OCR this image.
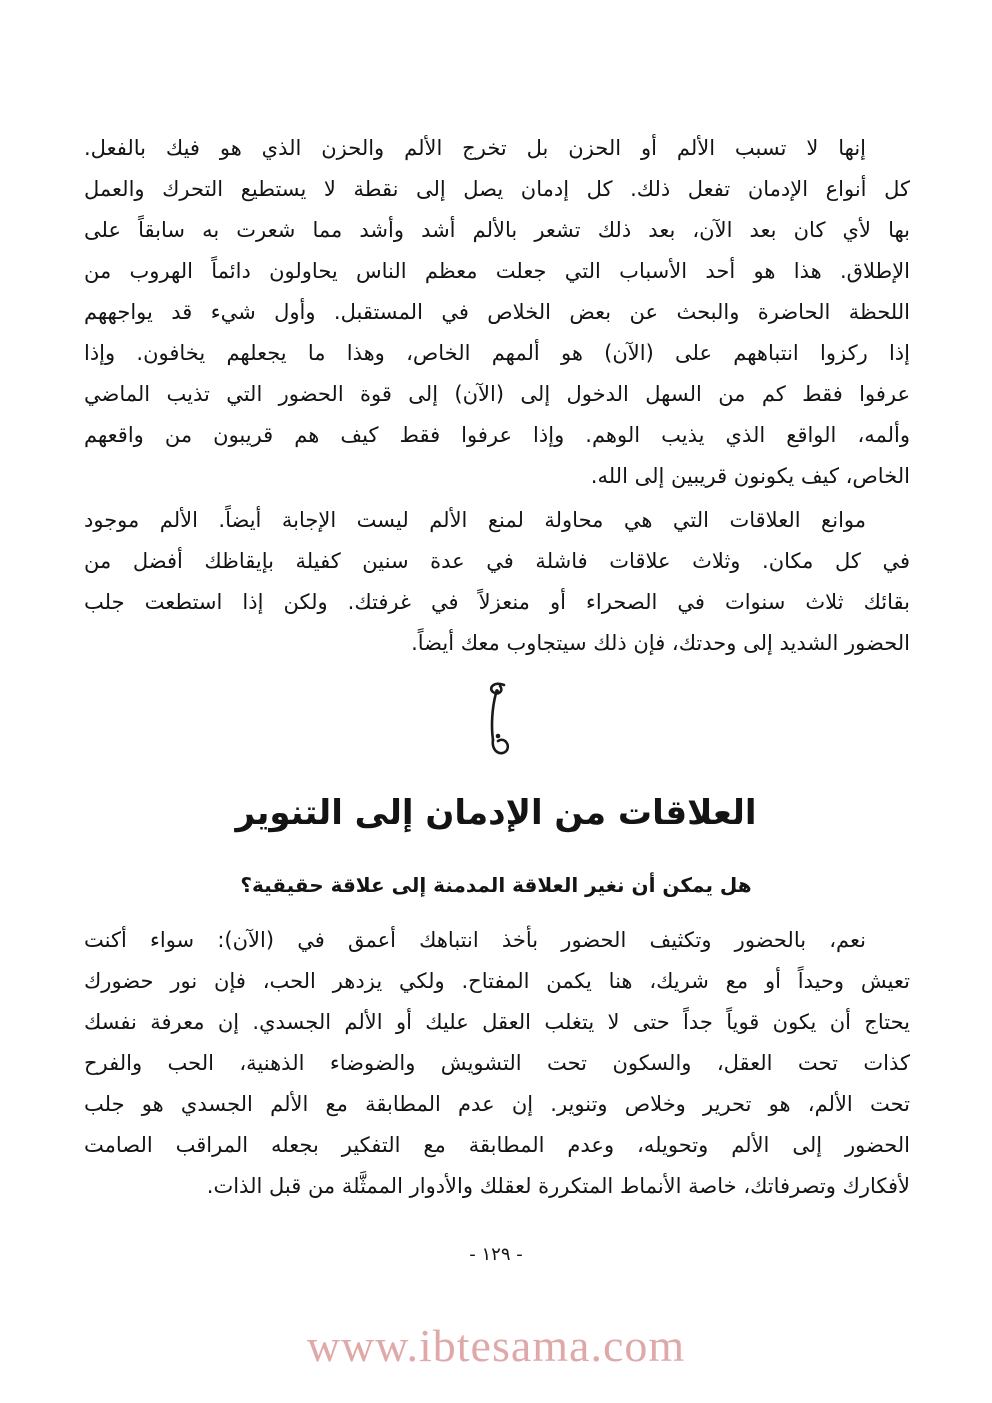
إنها لا تسبب الألم أو الحزن بل تخرج الألم والحزن الذي هو فيك بالفعل.
كل أنواع الإدمان تفعل ذلك. كل إدمان يصل إلى نقطة لا يستطيع التحرك والعمل
بها لأي كان بعد الآن، بعد ذلك تشعر بالألم أشد وأشد مما شعرت به سابقاً على
الإطلاق. هذا هو أحد الأسباب التي جعلت معظم الناس يحاولون دائماً الهروب من
اللحظة الحاضرة والبحث عن بعض الخلاص في المستقبل. وأول شيء قد يواجههم
إذا ركزوا انتباههم على (الآن) هو ألمهم الخاص، وهذا ما يجعلهم يخافون. وإذا
عرفوا فقط كم من السهل الدخول إلى (الآن) إلى قوة الحضور التي تذيب الماضي
وألمه، الواقع الذي يذيب الوهم. وإذا عرفوا فقط كيف هم قريبون من واقعهم
الخاص، كيف يكونون قريبين إلى الله.
موانع العلاقات التي هي محاولة لمنع الألم ليست الإجابة أيضاً. الألم موجود
في كل مكان. وثلاث علاقات فاشلة في عدة سنين كفيلة بإيقاظك أفضل من
بقائك ثلاث سنوات في الصحراء أو منعزلاً في غرفتك. ولكن إذا استطعت جلب
الحضور الشديد إلى وحدتك، فإن ذلك سيتجاوب معك أيضاً.
العلاقات من الإدمان إلى التنوير
هل يمكن أن نغير العلاقة المدمنة إلى علاقة حقيقية؟
نعم، بالحضور وتكثيف الحضور بأخذ انتباهك أعمق في (الآن): سواء أكنت
تعيش وحيداً أو مع شريك، هنا يكمن المفتاح. ولكي يزدهر الحب، فإن نور حضورك
يحتاج أن يكون قوياً جداً حتى لا يتغلب العقل عليك أو الألم الجسدي. إن معرفة نفسك
كذات تحت العقل، والسكون تحت التشويش والضوضاء الذهنية، الحب والفرح
تحت الألم، هو تحرير وخلاص وتنوير. إن عدم المطابقة مع الألم الجسدي هو جلب
الحضور إلى الألم وتحويله، وعدم المطابقة مع التفكير بجعله المراقب الصامت
لأفكارك وتصرفاتك، خاصة الأنماط المتكررة لعقلك والأدوار الممثَّلة من قبل الذات.
- ١٢٩ -
www.ibtesama.com
